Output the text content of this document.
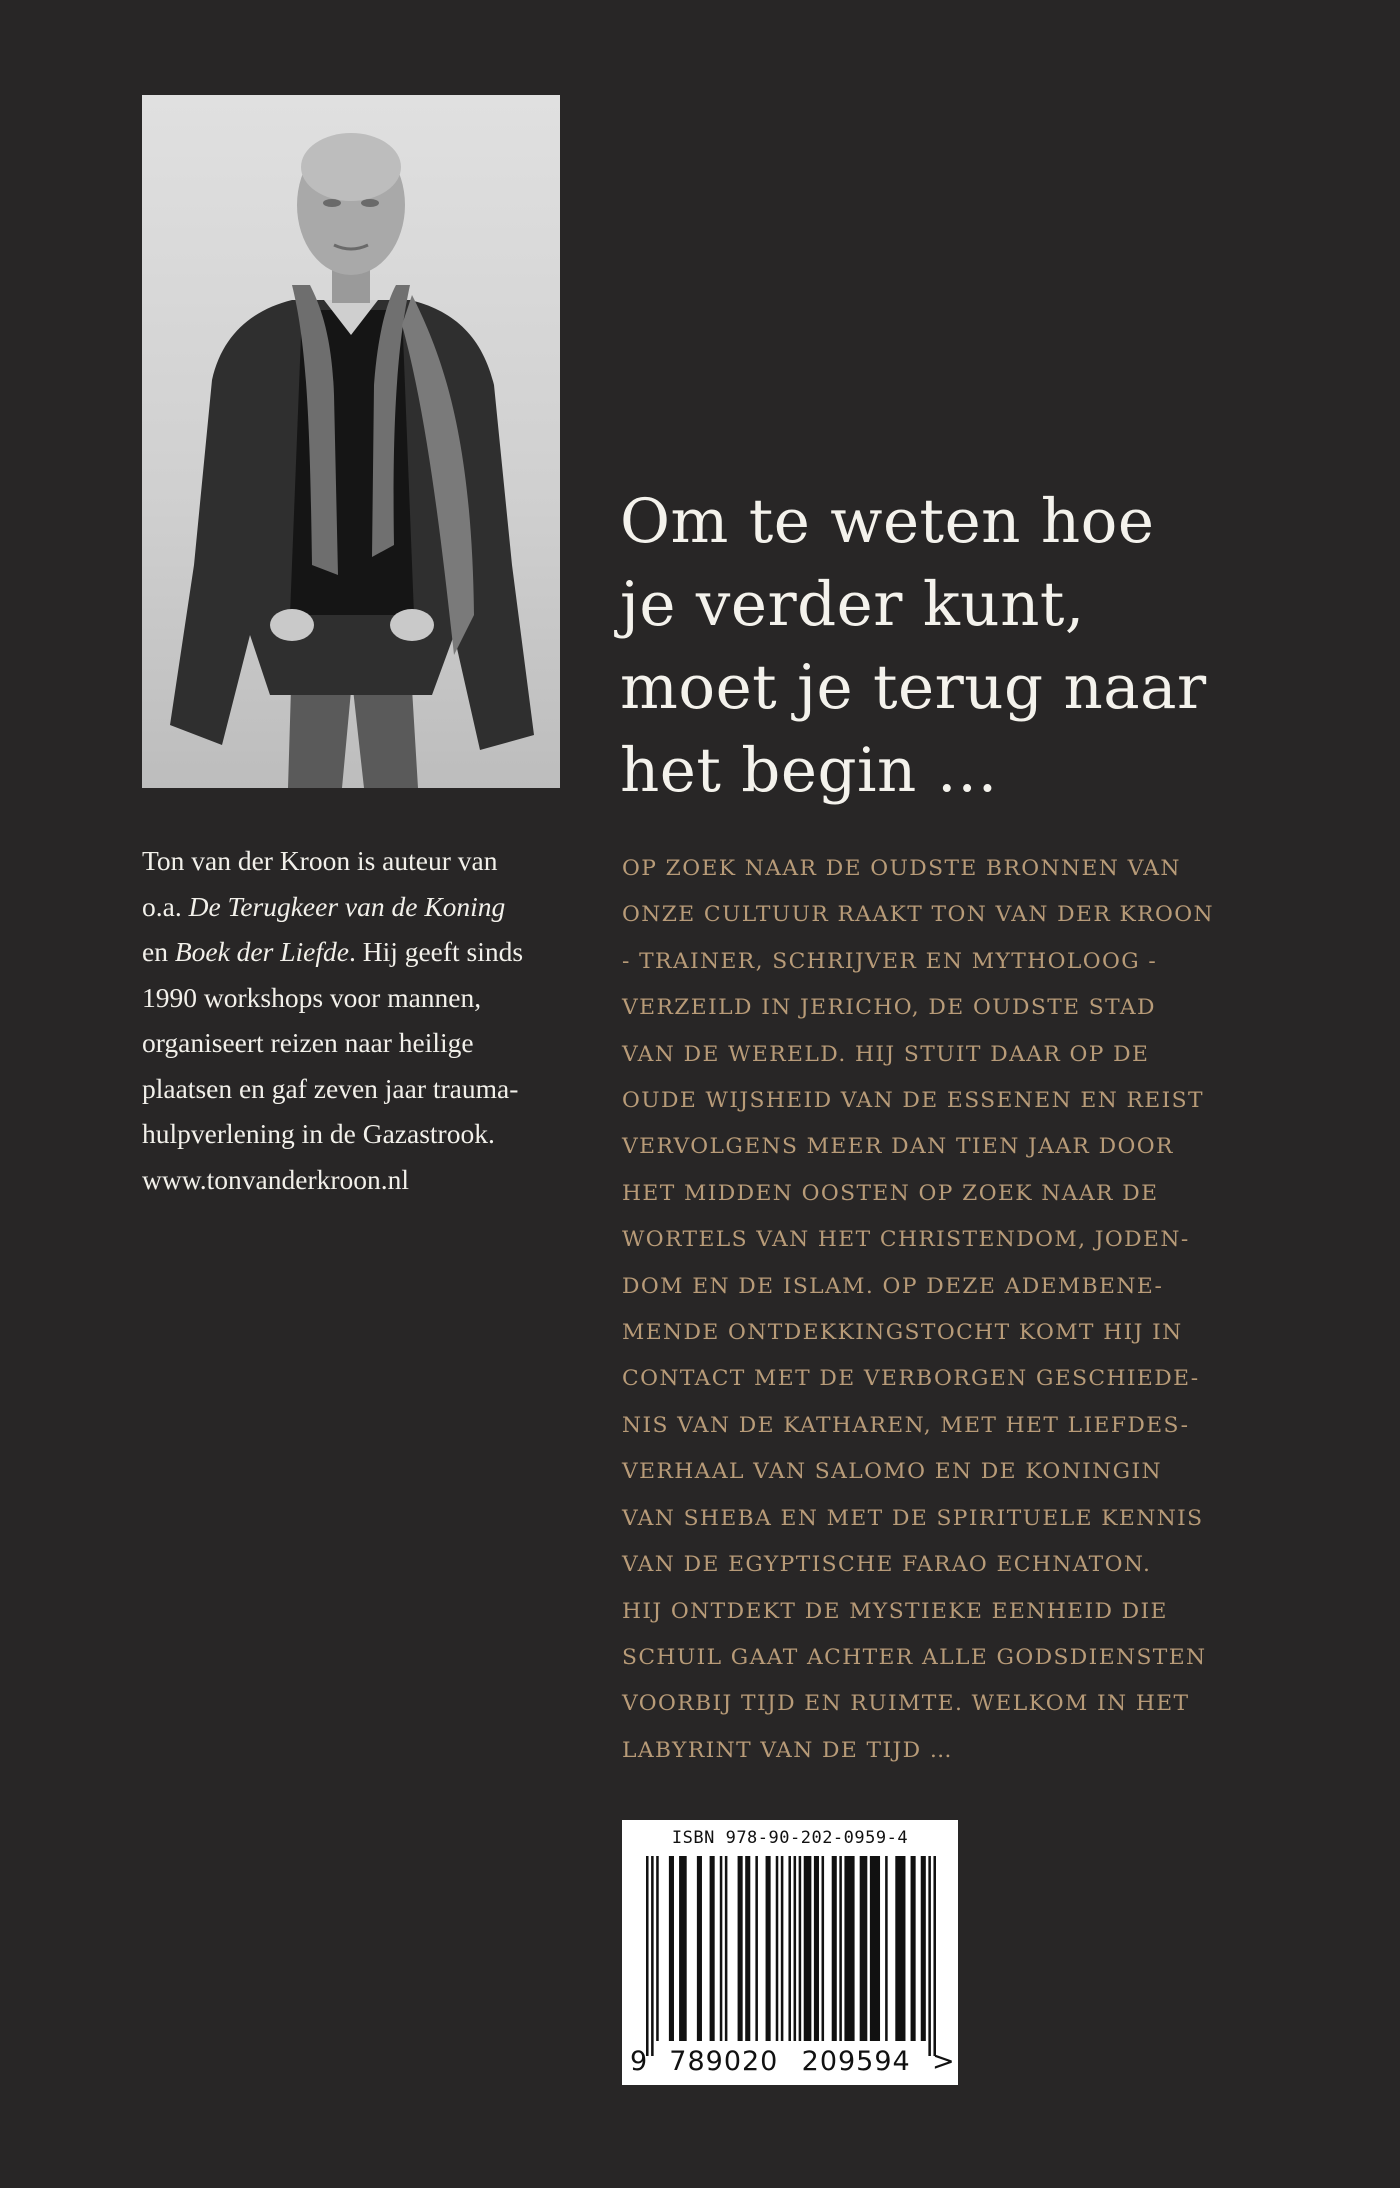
Ton van der Kroon is auteur van

o.a. De Terugkeer van de Koning

en Boek der Liefde. Hij geeft sinds

1990 workshops voor mannen,

organiseert reizen naar heilige

plaatsen en gaf zeven jaar trauma-

hulpverlening in de Gazastrook.

www.tonvanderkroon.nl

Om te weten hoe
je verder kunt,
moet je terug naar
het begin …
OP ZOEK NAAR DE OUDSTE BRONNEN VAN
ONZE CULTUUR RAAKT TON VAN DER KROON
- TRAINER, SCHRIJVER EN MYTHOLOOG -
VERZEILD IN JERICHO, DE OUDSTE STAD
VAN DE WERELD. HIJ STUIT DAAR OP DE
OUDE WIJSHEID VAN DE ESSENEN EN REIST
VERVOLGENS MEER DAN TIEN JAAR DOOR
HET MIDDEN OOSTEN OP ZOEK NAAR DE
WORTELS VAN HET CHRISTENDOM, JODEN-
DOM EN DE ISLAM. OP DEZE ADEMBENE-
MENDE ONTDEKKINGSTOCHT KOMT HIJ IN
CONTACT MET DE VERBORGEN GESCHIEDE-
NIS VAN DE KATHAREN, MET HET LIEFDES-
VERHAAL VAN SALOMO EN DE KONINGIN
VAN SHEBA EN MET DE SPIRITUELE KENNIS
VAN DE EGYPTISCHE FARAO ECHNATON.
HIJ ONTDEKT DE MYSTIEKE EENHEID DIE
SCHUIL GAAT ACHTER ALLE GODSDIENSTEN
VOORBIJ TIJD EN RUIMTE. WELKOM IN HET
LABYRINT VAN DE TIJD …
ISBN 978-90-202-0959-4
9 789020 209594 >
